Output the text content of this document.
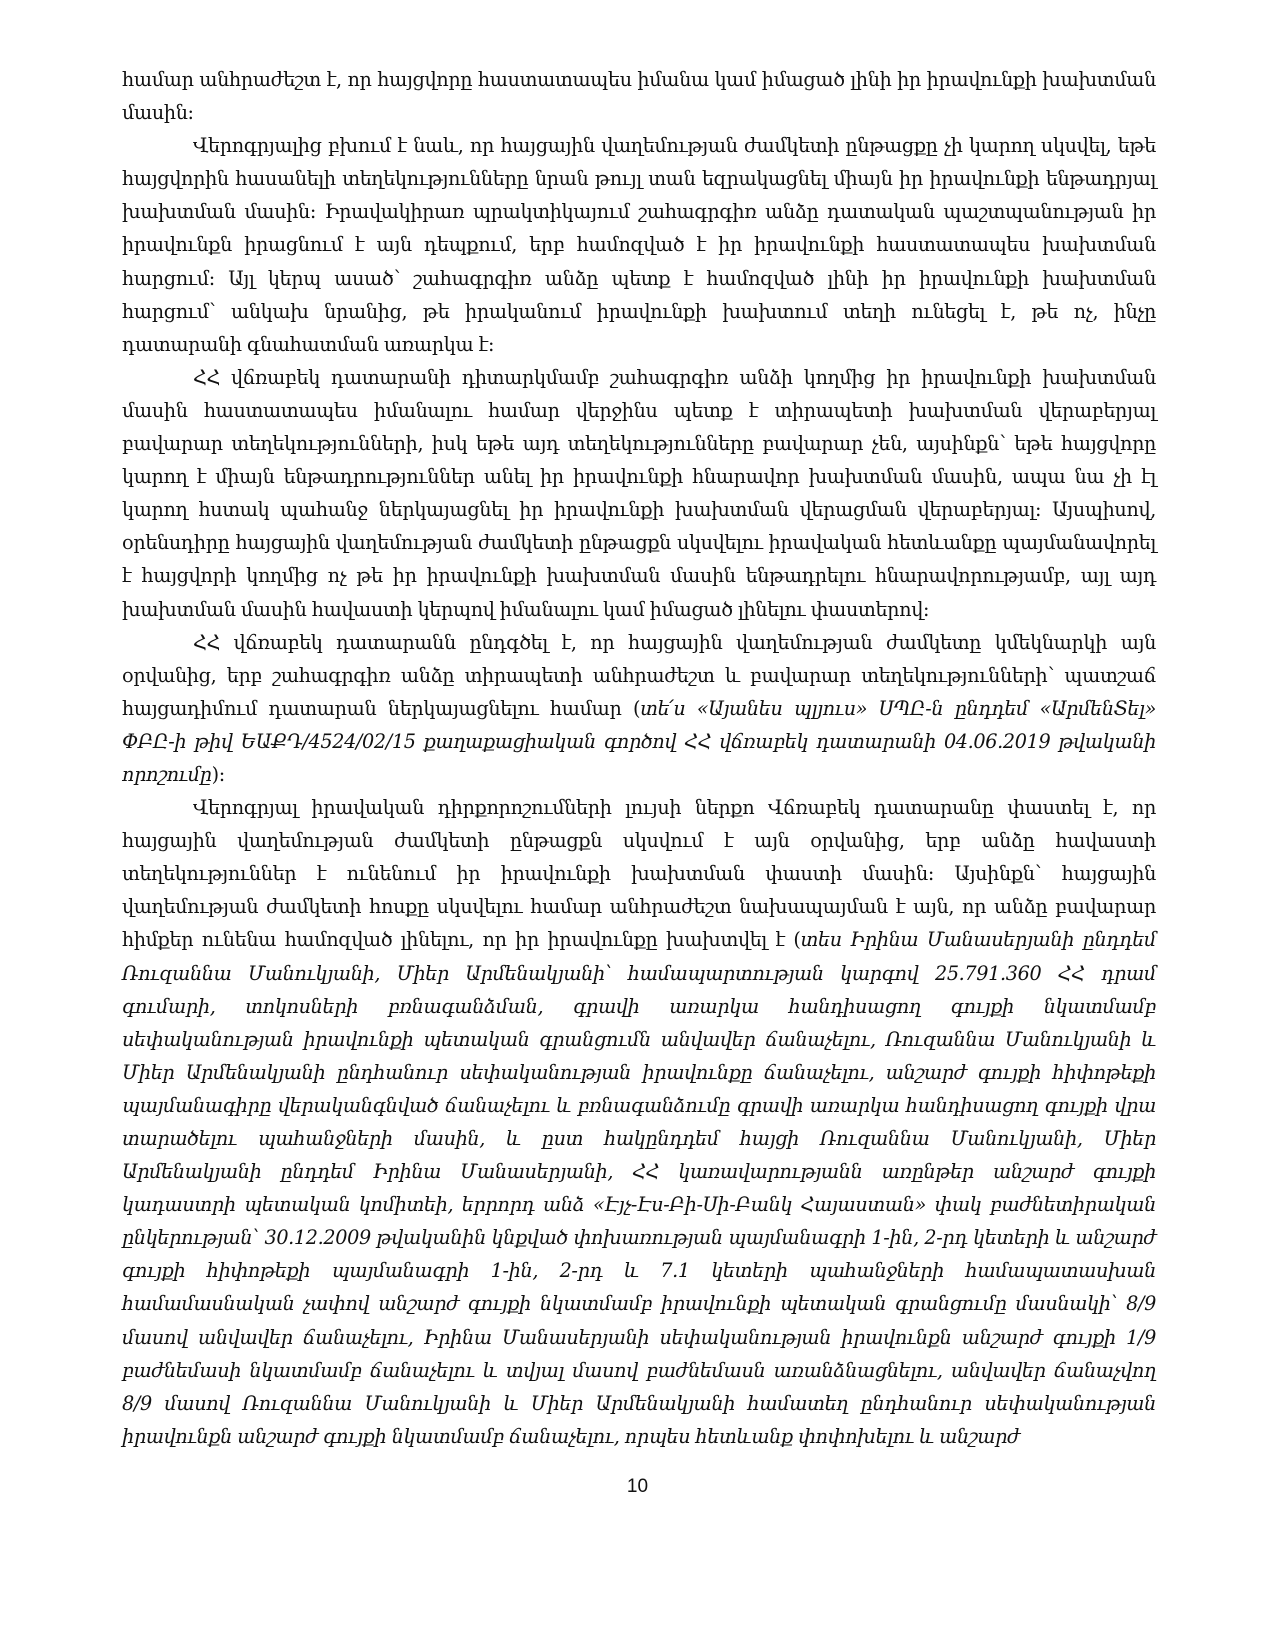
համար անհրաժեշտ է, որ հայցվորը հաստատապես իմանա կամ իմացած լինի իր իրավունքի խախտման մասին:

Վերոգրյալից բխում է նաև, որ հայցային վաղեմության ժամկետի ընթացքը չի կարող սկսվել, եթե հայցվորին հասանելի տեղեկությունները նրան թույլ տան եզրակացնել միայն իր իրավունքի ենթադրյալ խախտման մասին: Իրավակիրառ պրակտիկայում շահագրգիռ անձը դատական պաշտպանության իր իրավունքն իրացնում է այն դեպքում, երբ համոզված է իր իրավունքի հաստատապես խախտման հարցում: Այլ կերպ ասած՝ շահագրգիռ անձը պետք է համոզված լինի իր իրավունքի խախտման հարցում՝ անկախ նրանից, թե իրականում իրավունքի խախտում տեղի ունեցել է, թե ոչ, ինչը դատարանի գնահատման առարկա է:

ՀՀ վճռաբեկ դատարանի դիտարկմամբ շահագրգիռ անձի կողմից իր իրավունքի խախտման մասին հաստատապես իմանալու համար վերջինս պետք է տիրապետի խախտման վերաբերյալ բավարար տեղեկությունների, իսկ եթե այդ տեղեկությունները բավարար չեն, այսինքն՝ եթե հայցվորը կարող է միայն ենթադրություններ անել իր իրավունքի հնարավոր խախտման մասին, ապա նա չի էլ կարող հստակ պահանջ ներկայացնել իր իրավունքի խախտման վերացման վերաբերյալ: Այսպիսով, օրենսդիրը հայցային վաղեմության ժամկետի ընթացքն սկսվելու իրավական հետևանքը պայմանավորել է հայցվորի կողմից ոչ թե իր իրավունքի խախտման մասին ենթադրելու հնարավորությամբ, այլ այդ խախտման մասին հավաստի կերպով իմանալու կամ իմացած լինելու փաստերով:

ՀՀ վճռաբեկ դատարանն ընդգծել է, որ հայցային վաղեմության ժամկետը կմեկնարկի այն օրվանից, երբ շահագրգիռ անձը տիրապետի անհրաժեշտ և բավարար տեղեկությունների՝ պատշաճ հայցադիմում դատարան ներկայացնելու համար (տե՛ս «Այանես պլյուս» ՍՊԸ-ն ընդդեմ «ԱրմենՏել» ՓԲԸ-ի թիվ ԵԱՔԴ/4524/02/15 քաղաքացիական գործով ՀՀ վճռաբեկ դատարանի 04.06.2019 թվականի որոշումը):

Վերոգրյալ իրավական դիրքորոշումների լույսի ներքո Վճռաբեկ դատարանը փաստել է, որ հայցային վաղեմության ժամկետի ընթացքն սկսվում է այն օրվանից, երբ անձը հավաստի տեղեկություններ է ունենում իր իրավունքի խախտման փաստի մասին: Այսինքն՝ հայցային վաղեմության ժամկետի հոսքը սկսվելու համար անհրաժեշտ նախապայման է այն, որ անձը բավարար հիմքեր ունենա համոզված լինելու, որ իր իրավունքը խախտվել է (տես Իրինա Մանասերյանի ընդդեմ Ռուզաննա Մանուկյանի, Միեր Արմենակյանի՝ համապարտության կարգով 25.791.360 ՀՀ դրամ գումարի, տոկոսների բռնագանձման, գրավի առարկա հանդիսացող գույքի նկատմամբ սեփականության իրավունքի պետական գրանցումն անվավեր ճանաչելու, Ռուզաննա Մանուկյանի և Միեր Արմենակյանի ընդհանուր սեփականության իրավունքը ճանաչելու, անշարժ գույքի հիփոթեքի պայմանագիրը վերականգնված ճանաչելու և բռնագանձումը գրավի առարկա հանդիսացող գույքի վրա տարածելու պահանջների մասին, և ըստ հակընդդեմ հայցի Ռուզաննա Մանուկյանի, Միեր Արմենակյանի ընդդեմ Իրինա Մանասերյանի, ՀՀ կառավարությանն առընթեր անշարժ գույքի կադաստրի պետական կոմիտեի, երրորդ անձ «Էյչ-Էս-Բի-Սի-Բանկ Հայաստան» փակ բաժնետիրական ընկերության՝ 30.12.2009 թվականին կնքված փոխառության պայմանագրի 1-ին, 2-րդ կետերի և անշարժ գույքի հիփոթեքի պայմանագրի 1-ին, 2-րդ և 7.1 կետերի պահանջների համապատասխան համամասնական չափով անշարժ գույքի նկատմամբ իրավունքի պետական գրանցումը մասնակի՝ 8/9 մասով անվավեր ճանաչելու, Իրինա Մանասերյանի սեփականության իրավունքն անշարժ գույքի 1/9 բաժնեմասի նկատմամբ ճանաչելու և տվյալ մասով բաժնեմասն առանձնացնելու, անվավեր ճանաչվող 8/9 մասով Ռուզաննա Մանուկյանի և Միեր Արմենակյանի համատեղ ընդհանուր սեփականության իրավունքն անշարժ գույքի նկատմամբ ճանաչելու, որպես հետևանք փոփոխելու և անշարժ

10
